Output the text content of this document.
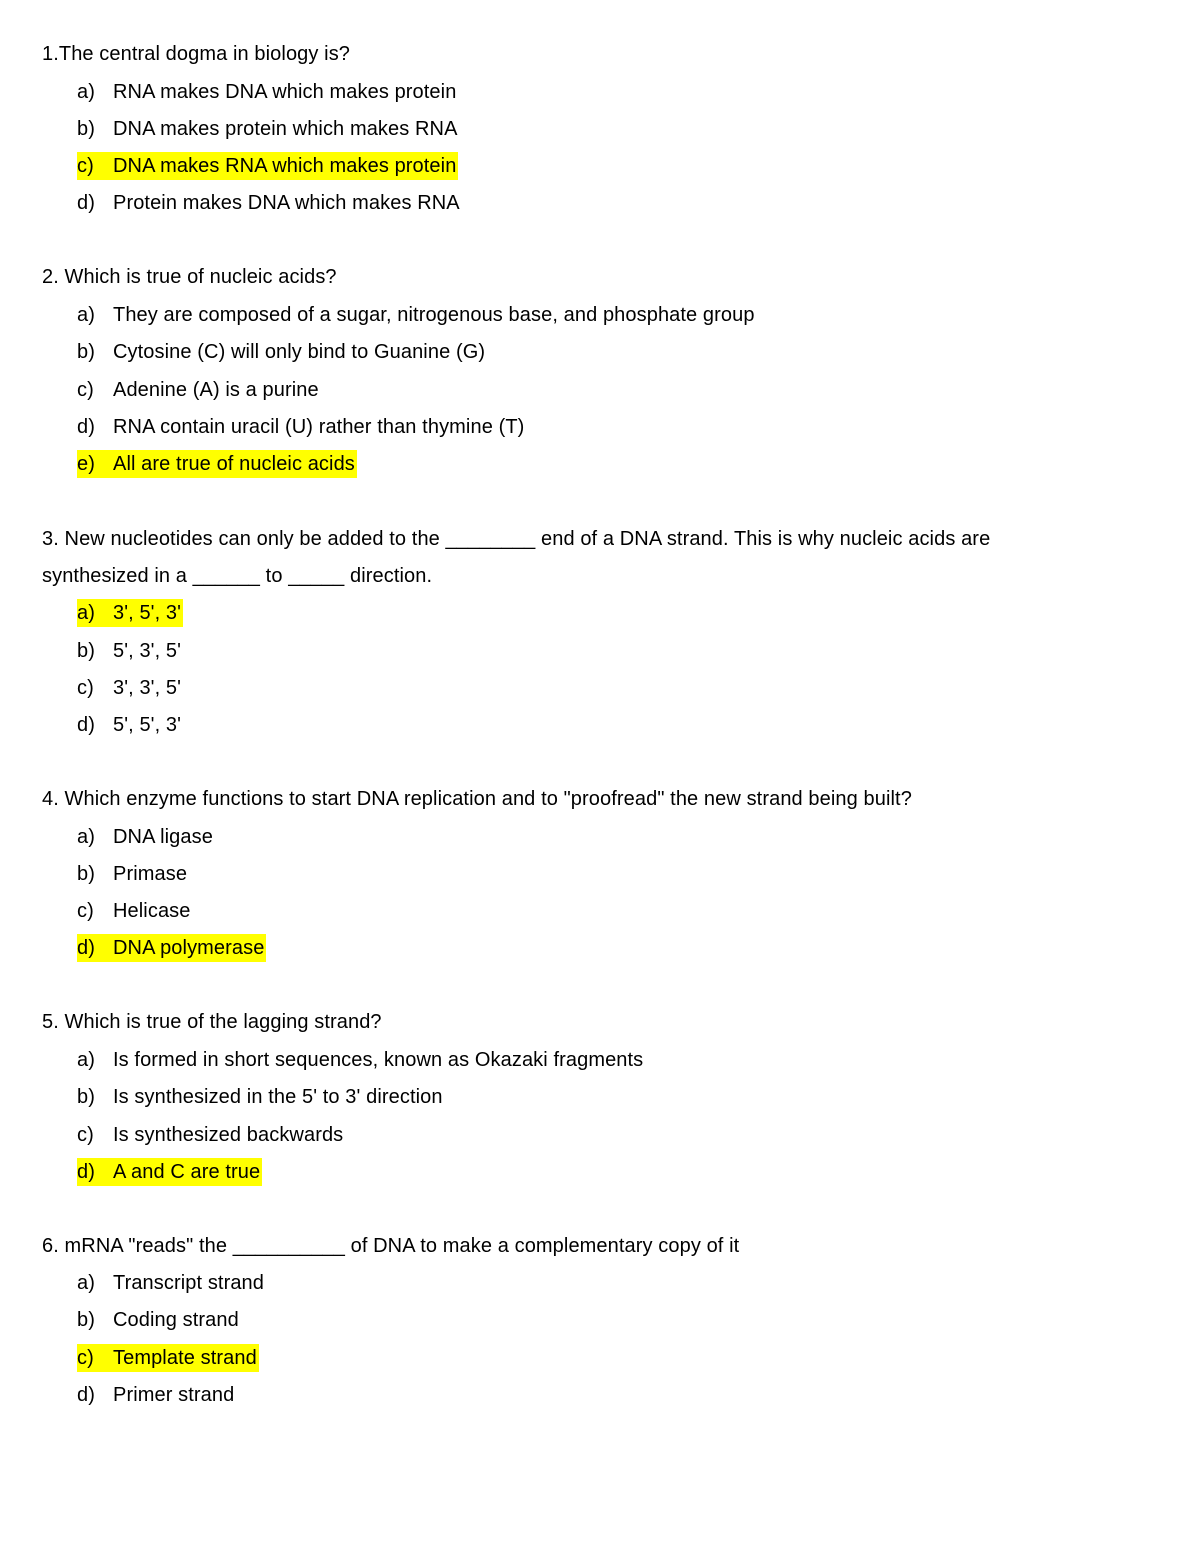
1.The central dogma in biology is?
a) RNA makes DNA which makes protein
b) DNA makes protein which makes RNA
c) DNA makes RNA which makes protein
d) Protein makes DNA which makes RNA
2. Which is true of nucleic acids?
a) They are composed of a sugar, nitrogenous base, and phosphate group
b) Cytosine (C) will only bind to Guanine (G)
c) Adenine (A) is a purine
d) RNA contain uracil (U) rather than thymine (T)
e) All are true of nucleic acids
3. New nucleotides can only be added to the ________ end of a DNA strand. This is why nucleic acids are
synthesized in a ______ to _____ direction.
a) 3', 5', 3'
b) 5', 3', 5'
c) 3', 3', 5'
d) 5', 5', 3'
4. Which enzyme functions to start DNA replication and to "proofread" the new strand being built?
a) DNA ligase
b) Primase
c) Helicase
d) DNA polymerase
5. Which is true of the lagging strand?
a) Is formed in short sequences, known as Okazaki fragments
b) Is synthesized in the 5' to 3' direction
c) Is synthesized backwards
d) A and C are true
6. mRNA "reads" the __________ of DNA to make a complementary copy of it
a) Transcript strand
b) Coding strand
c) Template strand
d) Primer strand
